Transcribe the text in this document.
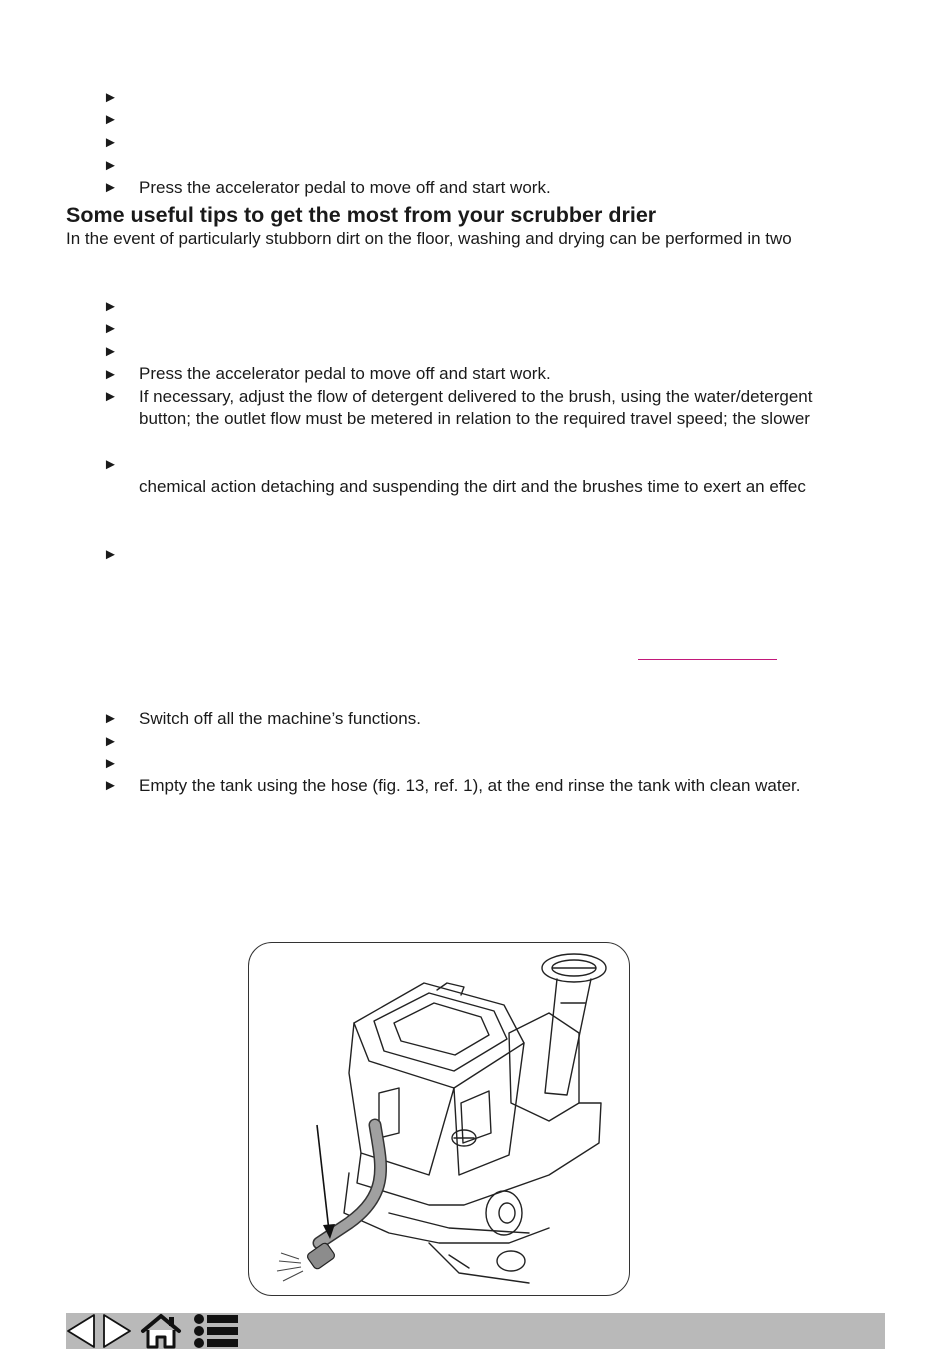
►
►
►
►
► Press the accelerator pedal to move off and start work.
Some useful tips to get the most from your scrubber drier
In the event of particularly stubborn dirt on the floor, washing and drying can be performed in two
►
►
►
► Press the accelerator pedal to move off and start work.
► If necessary, adjust the flow of detergent delivered to the brush, using the water/detergent
button; the outlet flow must be metered in relation to the required travel speed; the slower
►
chemical action detaching and suspending the dirt and the brushes time to exert an effec
►
► Switch off all the machine’s functions.
►
►
► Empty the tank using the hose (fig. 13, ref. 1), at the end rinse the tank with clean water.
